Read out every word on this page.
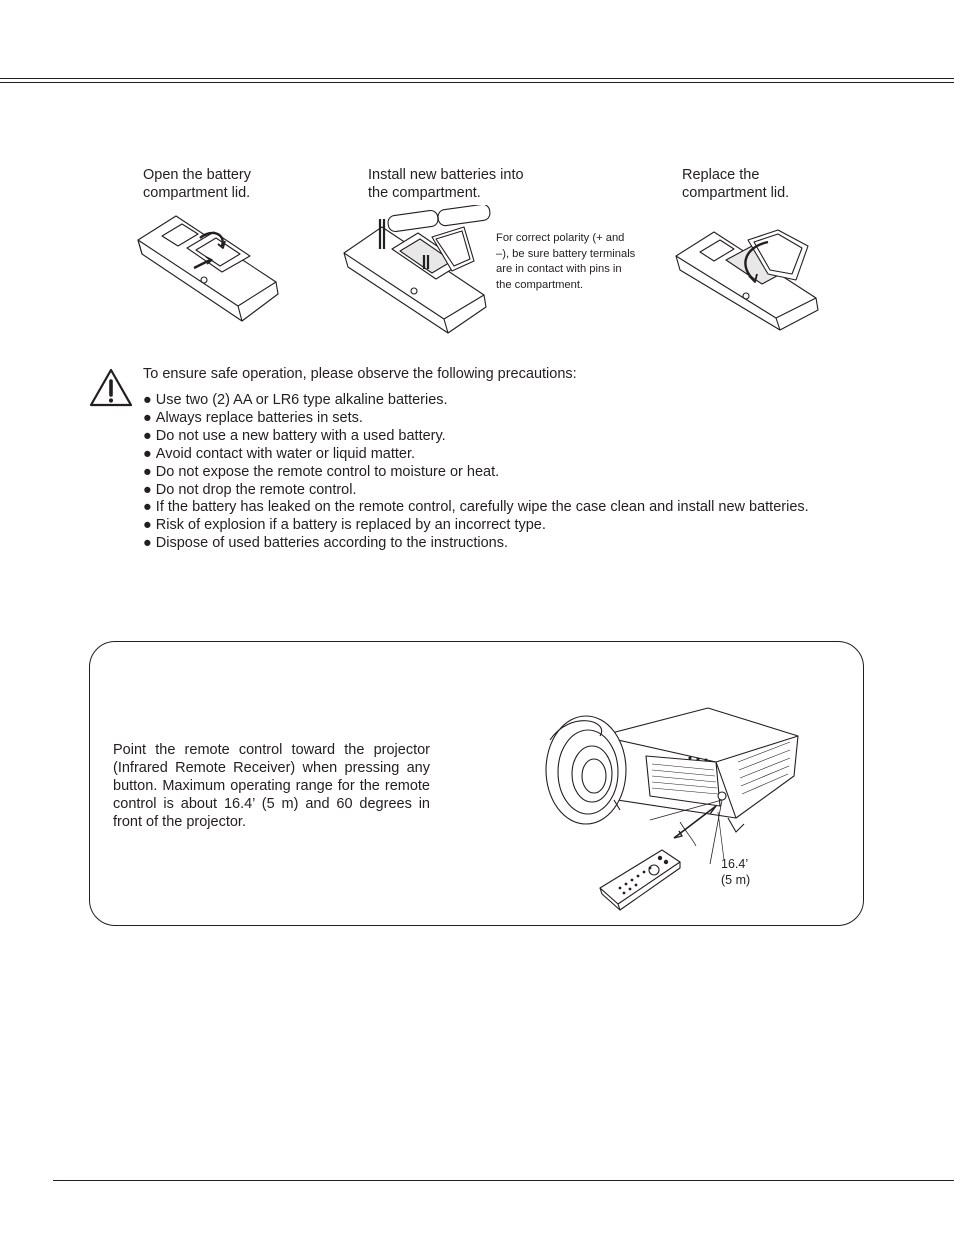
Open the battery
compartment lid.
Install new batteries into
the compartment.
For correct polarity (+ and
–), be sure battery terminals
are in contact with pins in
the compartment.
Replace the
compartment lid.
To ensure safe operation, please observe the following precautions:
● Use two (2) AA or LR6 type alkaline batteries.
● Always replace batteries in sets.
● Do not use a new battery with a used battery.
● Avoid contact with water or liquid matter.
● Do not expose the remote control to moisture or heat.
● Do not drop the remote control.
● If the battery has leaked on the remote control, carefully wipe the case clean and install new batteries.
● Risk of explosion if a battery is replaced by an incorrect type.
● Dispose of used batteries according to the instructions.
Point the remote control toward the projector (Infrared Remote Receiver) when pressing any button. Maximum operating range for the remote control is about 16.4’ (5 m) and 60 degrees in front of the projector.
16.4’
(5 m)
